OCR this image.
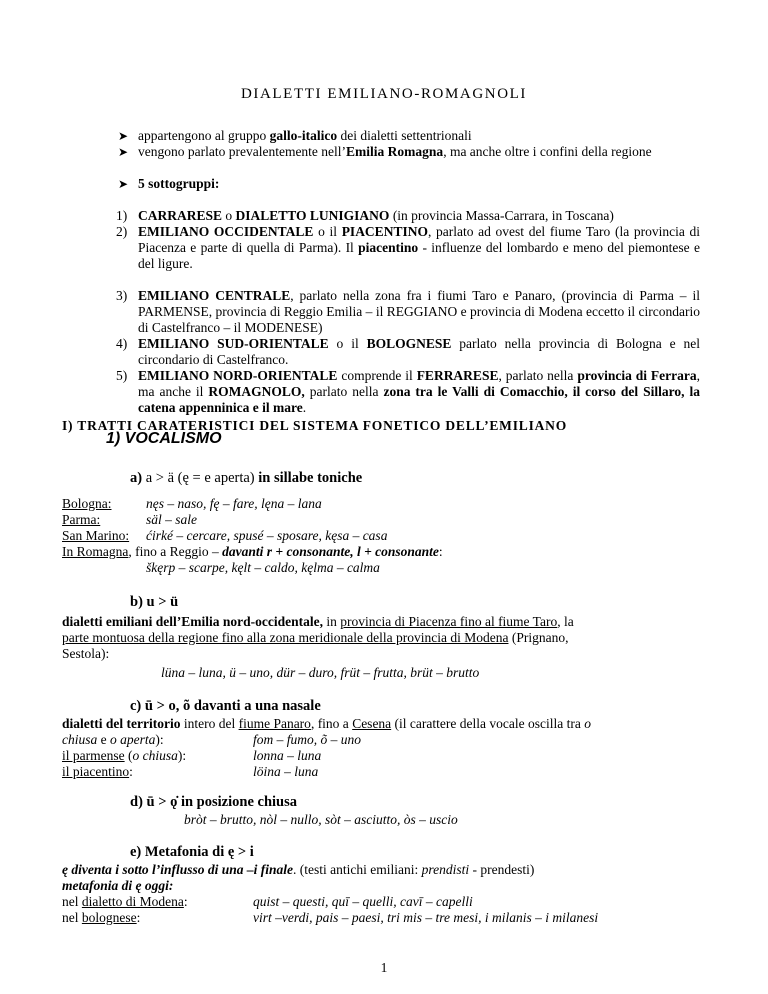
DIALETTI EMILIANO-ROMAGNOLI
➤ appartengono al gruppo gallo-italico dei dialetti settentrionali
➤ vengono parlato prevalentemente nell’Emilia Romagna, ma anche oltre i confini della regione
➤ 5 sottogruppi:
1) CARRARESE o DIALETTO LUNIGIANO (in provincia Massa-Carrara, in Toscana)
2) EMILIANO OCCIDENTALE o il PIACENTINO, parlato ad ovest del fiume Taro (la provincia di Piacenza e parte di quella di Parma). Il piacentino - influenze del lombardo e meno del piemontese e del ligure.
3) EMILIANO CENTRALE, parlato nella zona fra i fiumi Taro e Panaro, (provincia di Parma – il PARMENSE, provincia di Reggio Emilia – il REGGIANO e provincia di Modena eccetto il circondario di Castelfranco – il MODENESE)
4) EMILIANO SUD-ORIENTALE o il BOLOGNESE parlato nella provincia di Bologna e nel circondario di Castelfranco.
5) EMILIANO NORD-ORIENTALE comprende il FERRARESE, parlato nella provincia di Ferrara, ma anche il ROMAGNOLO, parlato nella zona tra le Valli di Comacchio, il corso del Sillaro, la catena appenninica e il mare.
I) TRATTI CARATERISTICI DEL SISTEMA FONETICO DELL’EMILIANO
1) VOCALISMO
a) a > ä (ę = e aperta) in sillabe toniche
Bologna:	nęs – naso, fę – fare, lęna – lana
Parma:	säl – sale
San Marino: ćirké – cercare, spusé – sposare, kęsa – casa
In Romagna, fino a Reggio – davanti r + consonante, l + consonante:
škęrp – scarpe, kęlt – caldo, kęlma – calma
b) u > ü
dialetti emiliani dell’Emilia nord-occidentale, in provincia di Piacenza fino al fiume Taro, la
parte montuosa della regione fino alla zona meridionale della provincia di Modena (Prignano,
Sestola):
lüna – luna, ü – uno, dür – duro, früt – frutta, brüt – brutto
c) ū > o, õ davanti a una nasale
dialetti del territorio intero del fiume Panaro, fino a Cesena (il carattere della vocale oscilla tra o
chiusa e o aperta):	fom – fumo, õ – uno
il parmense (o chiusa):	lonna – luna
il piacentino:	löina – luna
d) ū > ǫ̇ in posizione chiusa
bròt – brutto, nòl – nullo, sòt – asciutto, òs – uscio
e) Metafonia di ę > i
ę diventa i sotto l’influsso di una –i finale. (testi antichi emiliani: prendisti - prendesti)
metafonia di ę oggi:
nel dialetto di Modena:	quist – questi, quī – quelli, cavī – capelli
nel bolognese:	virt –verdi, pais – paesi, tri mis – tre mesi, i milanis – i milanesi
1
